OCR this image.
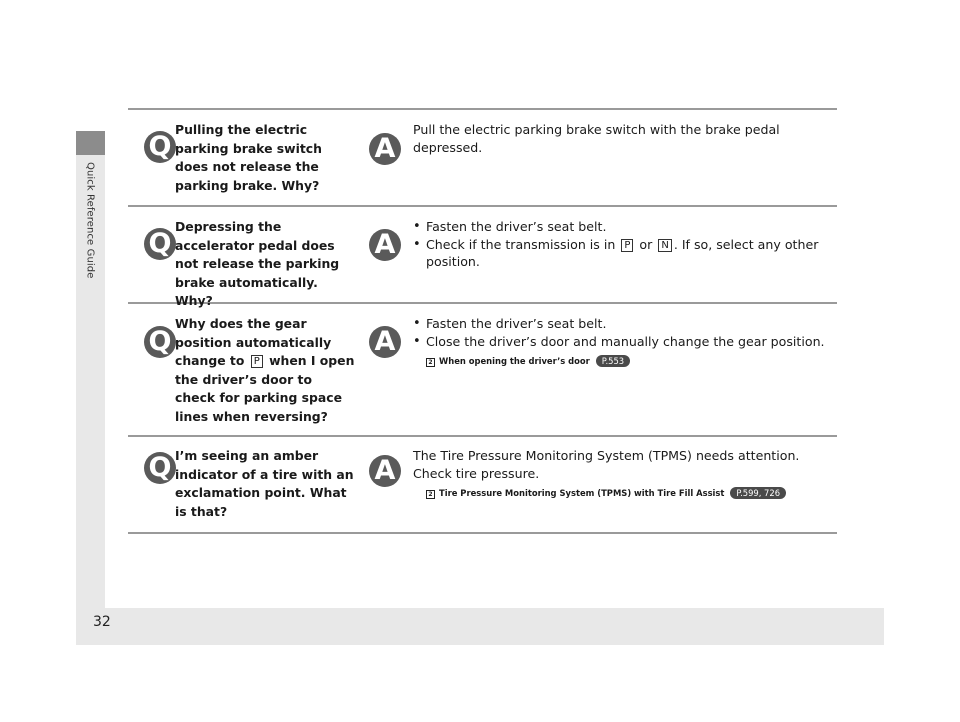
Quick Reference Guide
32
Q
Pulling the electric parking brake switch does not release the parking brake. Why?
A
Pull the electric parking brake switch with the brake pedal depressed.
Q
Depressing the accelerator pedal does not release the parking brake automatically. Why?
A
• Fasten the driver’s seat belt.
• Check if the transmission is in P or N . If so, select any other position.
Q
Why does the gear position automatically change to P when I open the driver’s door to check for parking space lines when reversing?
A
• Fasten the driver’s seat belt.
• Close the driver’s door and manually change the gear position.
2 When opening the driver’s door P.553
Q I’m seeing an amber indicator of a tire with an exclamation point. What is that?
A	The Tire Pressure Monitoring System (TPMS) needs attention. Check tire pressure.
2 Tire Pressure Monitoring System (TPMS) with Tire Fill Assist P.599, 726
